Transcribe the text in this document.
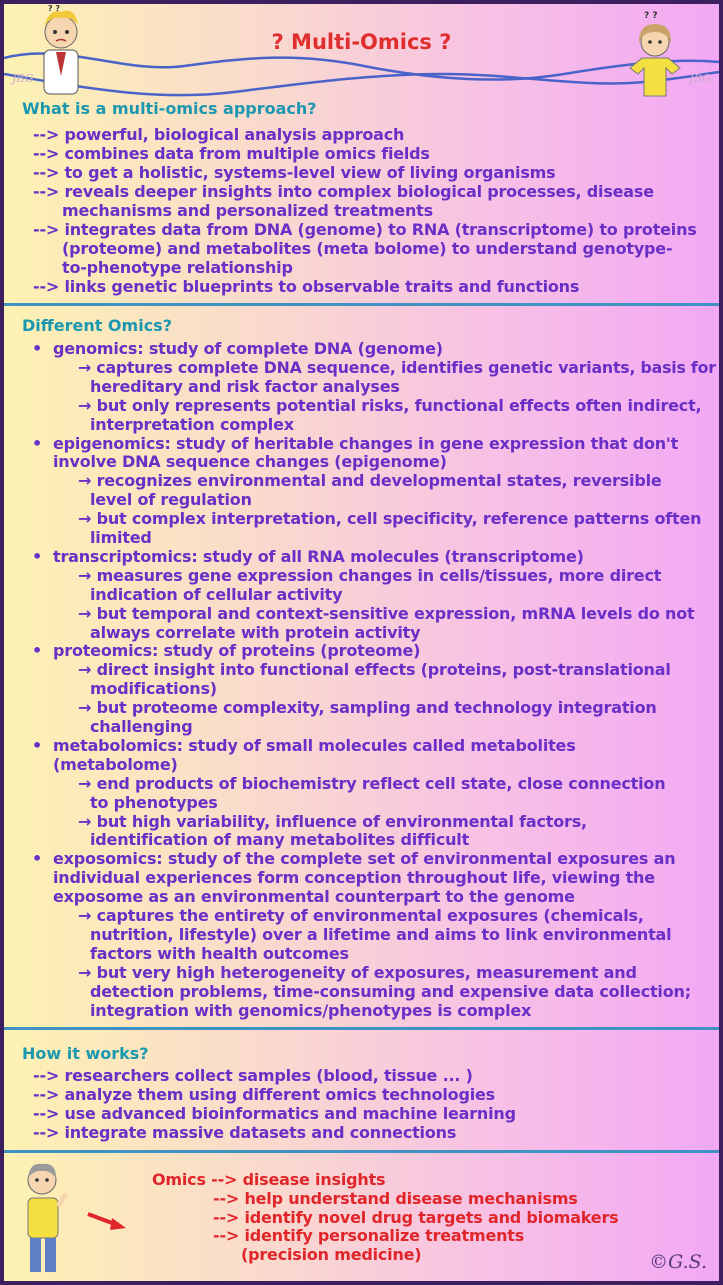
? ?
? ?
? Multi-Omics ?
JBG	JBG
What is a multi-omics approach?
--> powerful, biological analysis approach
--> combines data from multiple omics fields
--> to get a holistic, systems-level view of living organisms
--> reveals deeper insights into complex biological processes, disease
mechanisms and personalized treatments
--> integrates data from DNA (genome) to RNA (transcriptome) to proteins
(proteome) and metabolites (meta bolome) to understand genotype-
to-phenotype relationship
--> links genetic blueprints to observable traits and functions
Different Omics?
• genomics: study of complete DNA (genome)
→ captures complete DNA sequence, identifies genetic variants, basis for
hereditary and risk factor analyses
→ but only represents potential risks, functional effects often indirect,
interpretation complex
• epigenomics: study of heritable changes in gene expression that don't
involve DNA sequence changes (epigenome)
→ recognizes environmental and developmental states, reversible
level of regulation
→ but complex interpretation, cell specificity, reference patterns often
limited
• transcriptomics: study of all RNA molecules (transcriptome)
→ measures gene expression changes in cells/tissues, more direct
indication of cellular activity
→ but temporal and context-sensitive expression, mRNA levels do not
always correlate with protein activity
• proteomics: study of proteins (proteome)
→ direct insight into functional effects (proteins, post-translational
modifications)
→ but proteome complexity, sampling and technology integration
challenging
• metabolomics: study of small molecules called metabolites
(metabolome)
→ end products of biochemistry reflect cell state, close connection
to phenotypes
→ but high variability, influence of environmental factors,
identification of many metabolites difficult
• exposomics: study of the complete set of environmental exposures an
individual experiences form conception throughout life, viewing the
exposome as an environmental counterpart to the genome
→ captures the entirety of environmental exposures (chemicals,
nutrition, lifestyle) over a lifetime and aims to link environmental
factors with health outcomes
→ but very high heterogeneity of exposures, measurement and
detection problems, time-consuming and expensive data collection;
integration with genomics/phenotypes is complex
How it works?
--> researchers collect samples (blood, tissue ... )
--> analyze them using different omics technologies
--> use advanced bioinformatics and machine learning
--> integrate massive datasets and connections
Omics --> disease insights
--> help understand disease mechanisms
--> identify novel drug targets and biomakers
--> identify personalize treatments
(precision medicine)	©G.S.
